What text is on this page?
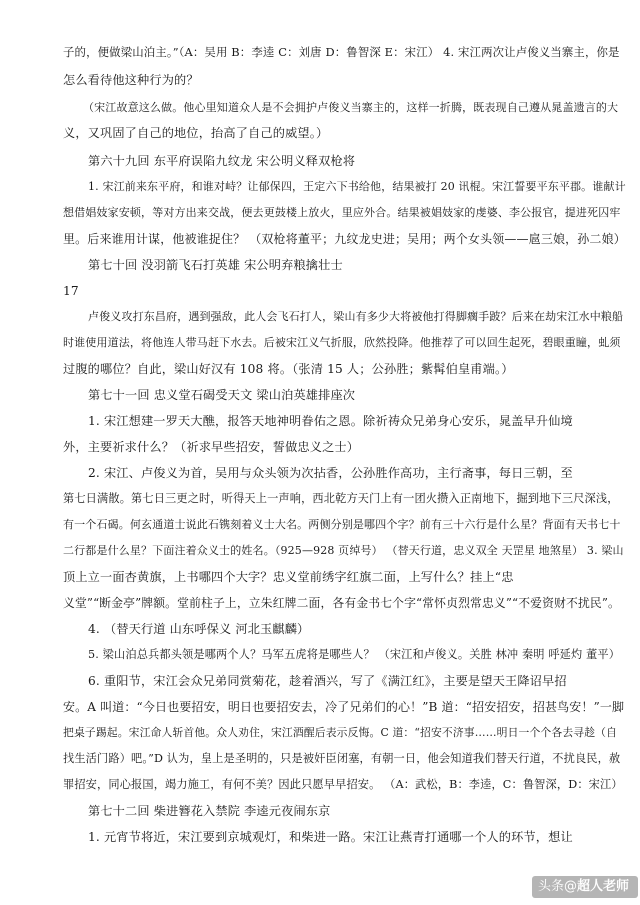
子的，便做梁山泊主。”（A：吴用 B：李逵 C：刘唐 D：鲁智深 E：宋江） 4. 宋江两次让卢俊义当寨主，你是
怎么看待他这种行为的？
（宋江故意这么做。他心里知道众人是不会拥护卢俊义当寨主的，这样一折腾，既表现自己遵从晁盖遗言的大
义，又巩固了自己的地位，抬高了自己的威望。）
第六十九回 东平府误陷九纹龙 宋公明义释双枪将
1. 宋江前来东平府，和谁对峙？让郁保四，王定六下书给他，结果被打 20 讯棍。宋江誓要平东平郡。谁献计
想借娼妓家安顿，等对方出来交战，便去更鼓楼上放火，里应外合。结果被娼妓家的虔婆、李公报官，提进死囚牢
里。后来谁用计谋，他被谁捉住？ （双枪将董平；九纹龙史进；吴用；两个女头领——扈三娘，孙二娘）
第七十回 没羽箭飞石打英雄 宋公明弃粮擒壮士
17
卢俊义攻打东昌府，遇到强敌，此人会飞石打人，梁山有多少大将被他打得脚瘸手跛？后来在劫宋江水中粮船
时谁使用道法，将他连人带马赶下水去。后被宋江义气折服，欣然投降。他推荐了可以回生起死，碧眼重瞳，虬须
过腹的哪位？自此，梁山好汉有 108 将。（张清 15 人；公孙胜；紫髯伯皇甫端。）
第七十一回 忠义堂石碣受天文 梁山泊英雄排座次
1. 宋江想建一罗天大醮，报答天地神明眷佑之恩。除祈祷众兄弟身心安乐，晁盖早升仙境
外，主要祈求什么？（祈求早些招安，誓做忠义之士）
2. 宋江、卢俊义为首，吴用与众头领为次拈香，公孙胜作高功，主行斋事，每日三朝，至
第七日满散。第七日三更之时，听得天上一声响，西北乾方天门上有一团火攒入正南地下，掘到地下三尺深浅，
有一个石碣。何玄通道士说此石镌刻着义士大名。两侧分别是哪四个字？前有三十六行是什么星？背面有天书七十
二行都是什么星？下面注着众义士的姓名。（925—928 页绰号） （替天行道，忠义双全 天罡星 地煞星） 3. 梁山
顶上立一面杏黄旗，上书哪四个大字？忠义堂前绣字红旗二面，上写什么？挂上“忠
义堂”“断金亭”牌额。堂前柱子上，立朱红牌二面，各有金书七个字“常怀贞烈常忠义”“不爱资财不扰民”。
4. （替天行道 山东呼保义 河北玉麒麟）
5. 梁山泊总兵都头领是哪两个人？马军五虎将是哪些人？ （宋江和卢俊义。关胜 林冲 秦明 呼延灼 董平）
6. 重阳节，宋江会众兄弟同赏菊花，趁着酒兴，写了《满江红》，主要是望天王降诏早招
安。A 叫道：“今日也要招安，明日也要招安去，冷了兄弟们的心！”B 道：“招安招安，招甚鸟安！”一脚
把桌子踢起。宋江命人斩首他。众人劝住，宋江酒醒后表示反悔。C 道：“招安不济事……明日一个个各去寻趁（自
找生活门路）吧。”D 认为，皇上是圣明的，只是被奸臣闭塞，有朝一日，他会知道我们替天行道，不扰良民，赦
罪招安，同心报国，竭力施工，有何不美？因此只愿早早招安。 （A：武松，B：李逵，C：鲁智深，D：宋江）
第七十二回 柴进簪花入禁院 李逵元夜闹东京
1. 元宵节将近，宋江要到京城观灯，和柴进一路。宋江让燕青打通哪一个人的环节，想让
头条@超人老师
